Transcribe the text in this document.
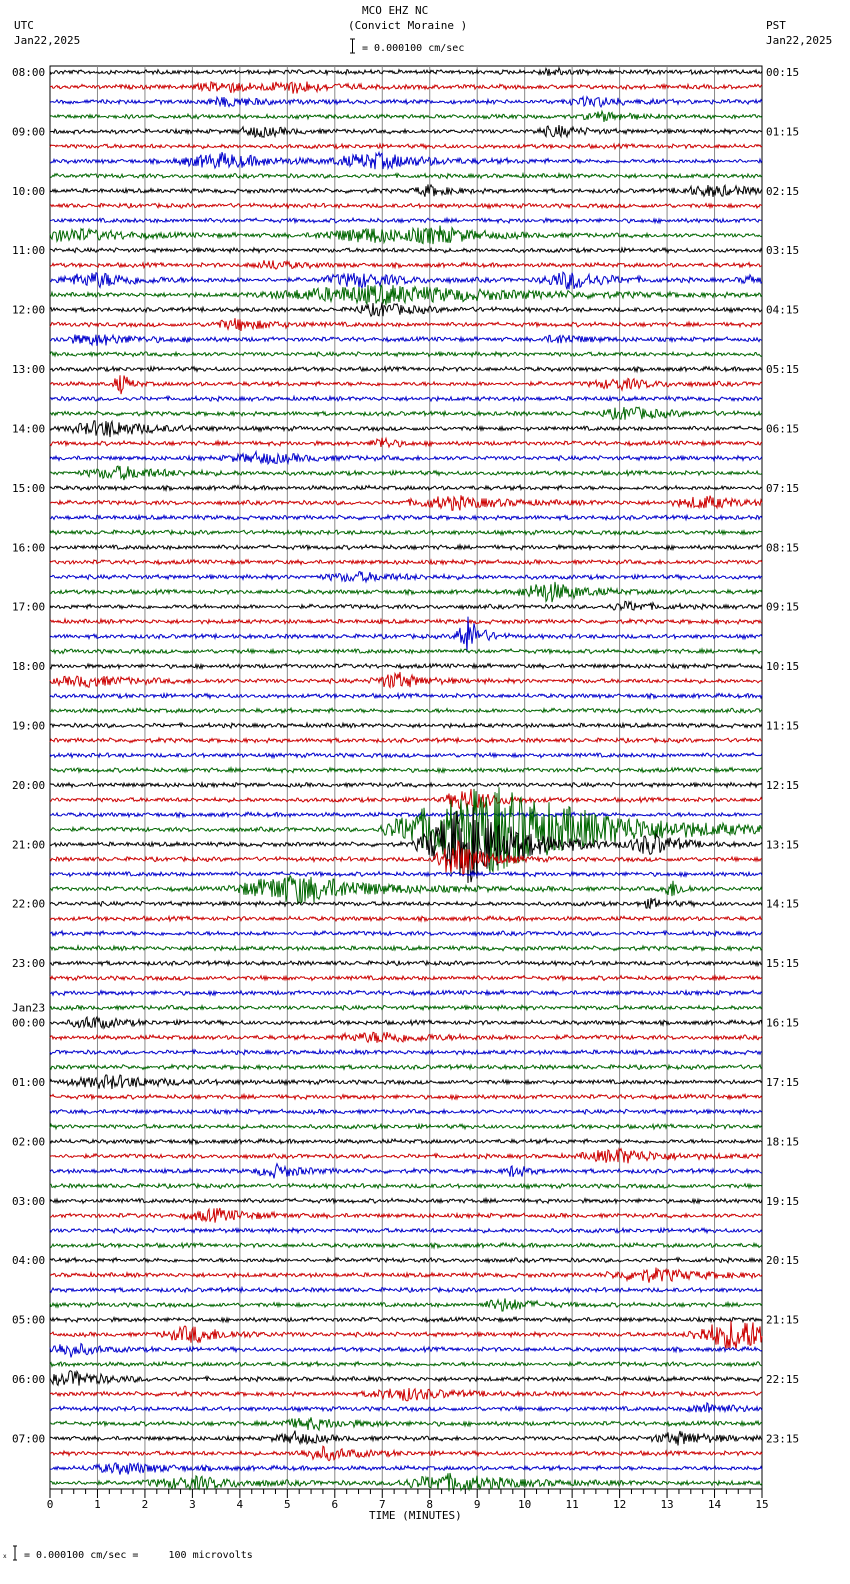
MCO EHZ NC
(Convict Moraine )
UTC
Jan22,2025
PST
Jan22,2025
= 0.000100 cm/sec
0	1	2	3	4	5	6	7	8	9	10	11	12	13	14	15
08:00
09:00
10:00
11:00
12:00
13:00
14:00
15:00
16:00
17:00
18:00
19:00
20:00
21:00
22:00
23:00
00:00
Jan23
01:00
02:00
03:00
04:00
05:00
06:00
07:00
00:15
01:15
02:15
03:15
04:15
05:15
06:15
07:15
08:15
09:15
10:15
11:15
12:15
13:15
14:15
15:15
16:15
17:15
18:15
19:15
20:15
21:15
22:15
23:15
TIME (MINUTES)
x = 0.000100 cm/sec =     100 microvolts
